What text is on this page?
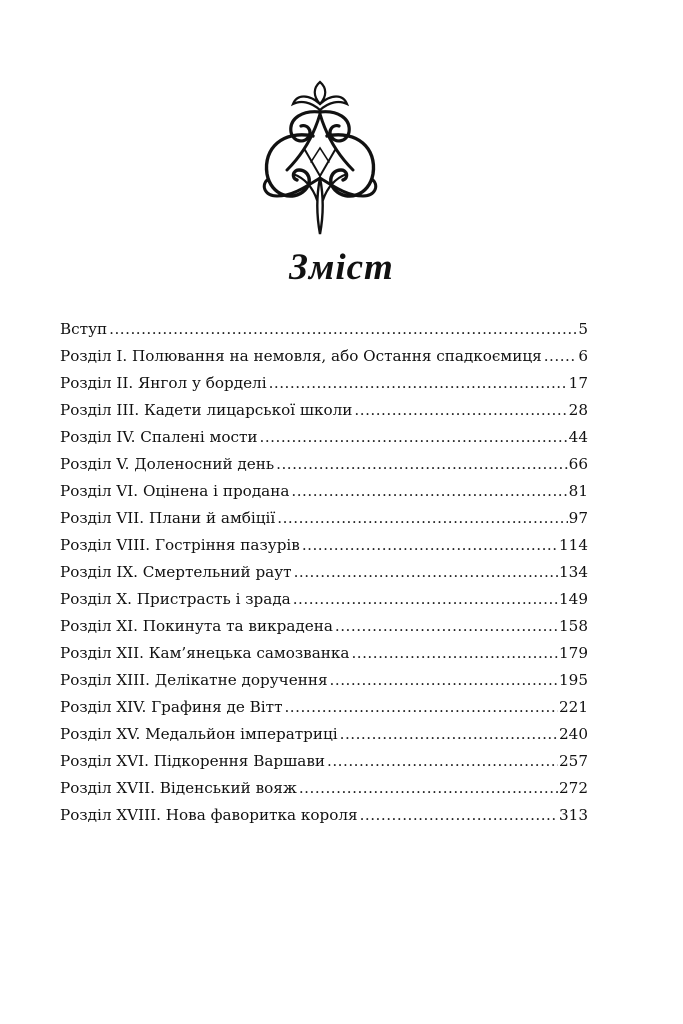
Зміст
Вступ .....	5
Розділ І. Полювання на немовля, або Остання спадкоємиця ..... 6
Розділ ІІ. Янгол у борделі .....	17
Розділ ІІІ. Кадети лицарської школи .....	28
Розділ IV. Спалені мости .....	44
Розділ V. Доленосний день .....	66
Розділ VI. Оцінена і продана .....	81
Розділ VII. Плани й амбіції .....	97
Розділ VIII. Гострiння пазурів .....	114
Розділ IX. Смертельний раут .....	134
Розділ X. Пристрасть і зрада .....	149
Розділ XI. Покинута та викрадена .....	158
Розділ XII. Кам’янецька самозванка .....	179
Розділ XIII. Делікатне доручення .....	195
Розділ XIV. Графиня де Вітт .....	221
Розділ XV. Медальйон імператриці .....	240
Розділ XVI. Підкорення Варшави .....	257
Розділ XVII. Віденський вояж .....	272
Розділ XVIII. Нова фаворитка короля .....	313
